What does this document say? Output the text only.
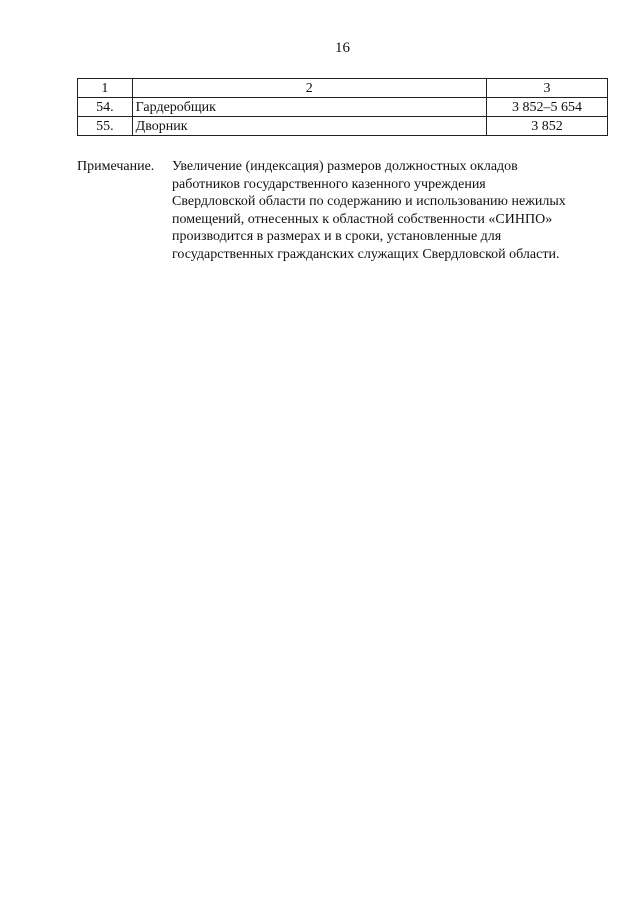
16
1	2	3
54.	Гардеробщик	3 852–5 654
55.	Дворник	3 852
Примечание. Увеличение (индексация) размеров должностных окладов
работников государственного казенного учреждения
Свердловской области по содержанию и использованию нежилых
помещений, отнесенных к областной собственности «СИНПО»
производится в размерах и в сроки, установленные для
государственных гражданских служащих Свердловской области.
